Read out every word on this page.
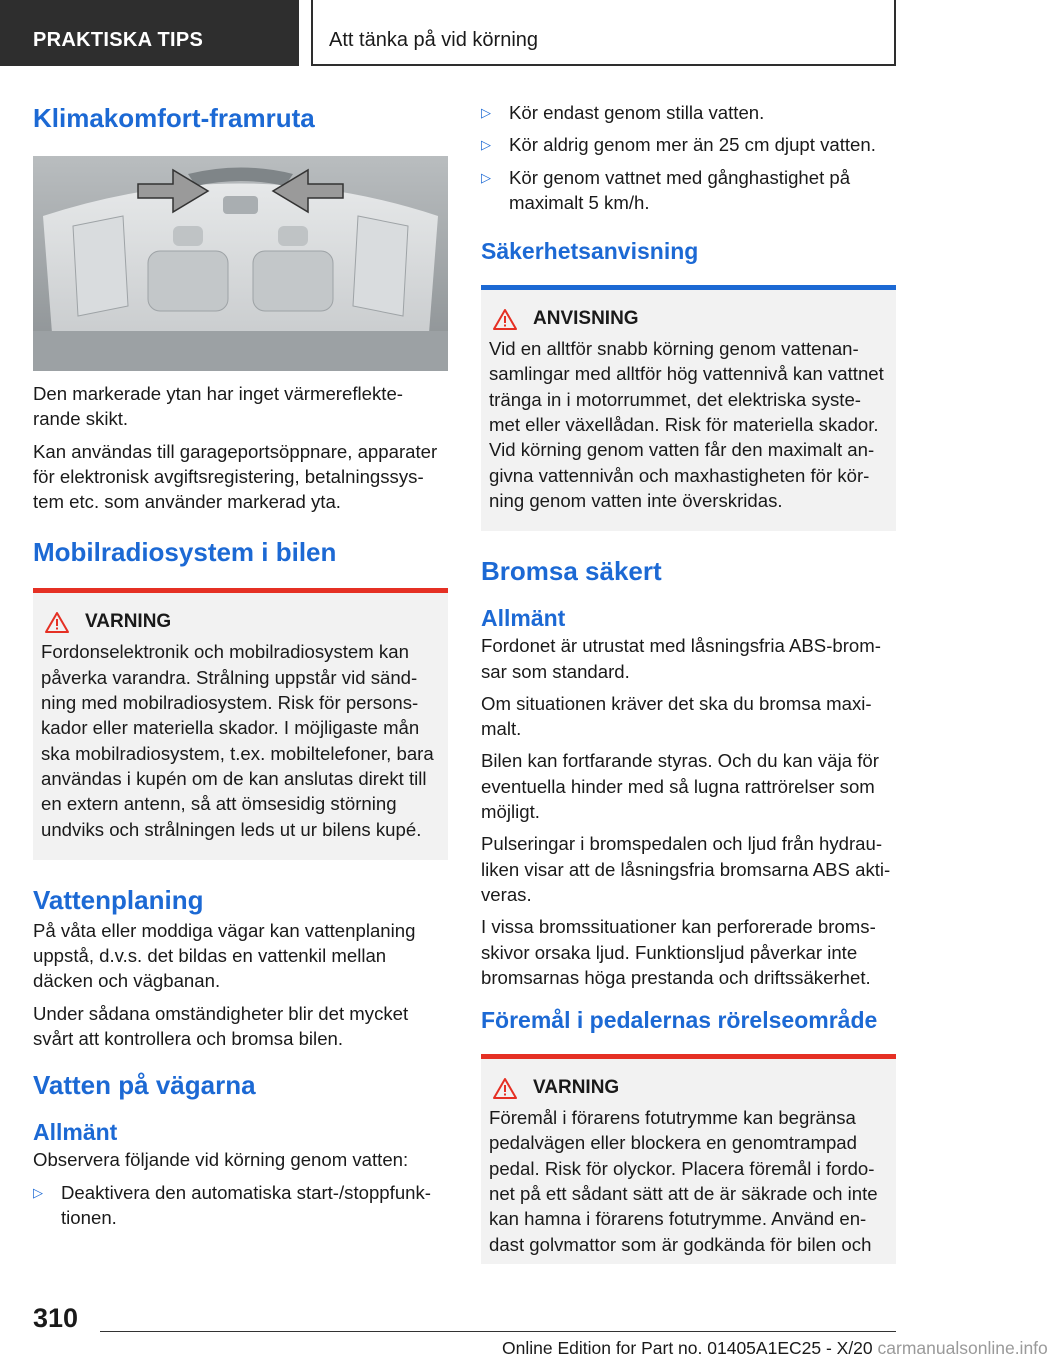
PRAKTISKA TIPS	Att tänka på vid körning
Klimakomfort-framruta

Den markerade ytan har inget värmereflekte-rande skikt.

Kan användas till garageportsöppnare, apparater för elektronisk avgiftsregistering, betalningssys-tem etc. som använder markerad yta.

Mobilradiosystem i bilen
VARNING

Fordonselektronik och mobilradiosystem kan påverka varandra. Strålning uppstår vid sänd-ning med mobilradiosystem. Risk för persons-kador eller materiella skador. I möjligaste mån ska mobilradiosystem, t.ex. mobiltelefoner, bara användas i kupén om de kan anslutas direkt till en extern antenn, så att ömsesidig störning undviks och strålningen leds ut ur bilens kupé.

Vattenplaning

På våta eller moddiga vägar kan vattenplaning uppstå, d.v.s. det bildas en vattenkil mellan däcken och vägbanan.

Under sådana omständigheter blir det mycket svårt att kontrollera och bromsa bilen.

Vatten på vägarna
Allmänt

Observera följande vid körning genom vatten:

▷ Deaktivera den automatiska start-/stoppfunk-tionen.
▷ Kör endast genom stilla vatten.
▷ Kör aldrig genom mer än 25 cm djupt vatten.
▷ Kör genom vattnet med gånghastighet på maximalt 5 km/h.
Säkerhetsanvisning
ANVISNING

Vid en alltför snabb körning genom vattenan-samlingar med alltför hög vattennivå kan vattnet tränga in i motorrummet, det elektriska syste-met eller växellådan. Risk för materiella skador. Vid körning genom vatten får den maximalt an-givna vattennivån och maxhastigheten för kör-ning genom vatten inte överskridas.

Bromsa säkert
Allmänt

Fordonet är utrustat med låsningsfria ABS-brom-sar som standard.

Om situationen kräver det ska du bromsa maxi-malt.

Bilen kan fortfarande styras. Och du kan väja för eventuella hinder med så lugna rattrörelser som möjligt.

Pulseringar i bromspedalen och ljud från hydrau-liken visar att de låsningsfria bromsarna ABS akti-veras.

I vissa bromssituationer kan perforerade broms-skivor orsaka ljud. Funktionsljud påverkar inte bromsarnas höga prestanda och driftssäkerhet.

Föremål i pedalernas rörelseområde
VARNING

Föremål i förarens fotutrymme kan begränsa pedalvägen eller blockera en genomtrampad pedal. Risk för olyckor. Placera föremål i fordo-net på ett sådant sätt att de är säkrade och inte kan hamna i förarens fotutrymme. Använd en-dast golvmattor som är godkända för bilen och

310
Online Edition for Part no. 01405A1EC25 - X/20 carmanualsonline.info
